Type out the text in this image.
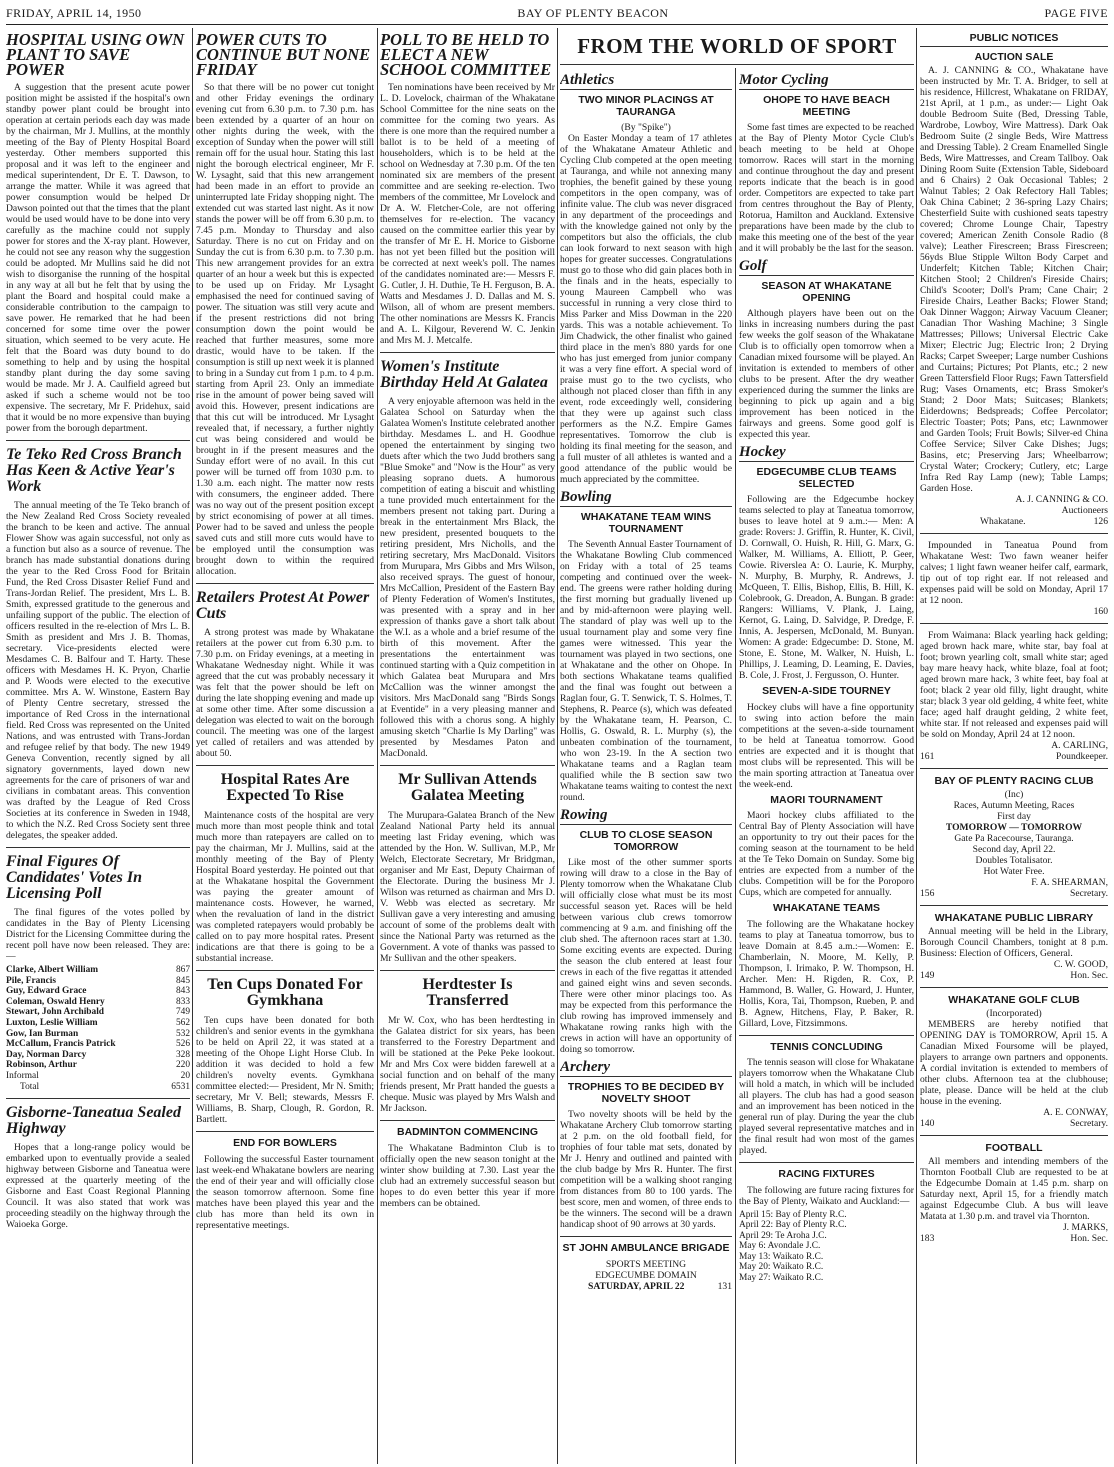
FRIDAY, APRIL 14, 1950	BAY OF PLENTY BEACON	PAGE FIVE
HOSPITAL USING OWN PLANT TO SAVE POWER

A suggestion that the present acute power position might be assisted if the hospital's own standby power plant could be brought into operation at certain periods each day was made by the chairman, Mr J. Mullins, at the monthly meeting of the Bay of Plenty Hospital Board yesterday. Other members supported this proposal and it was left to the engineer and medical superintendent, Dr E. T. Dawson, to arrange the matter. While it was agreed that power consumption would be helped Dr Dawson pointed out that the times that the plant would be used would have to be done into very carefully as the machine could not supply power for stores and the X-ray plant. However, he could not see any reason why the suggestion could be adopted. Mr Mullins said he did not wish to disorganise the running of the hospital in any way at all but he felt that by using the plant the Board and hospital could make a considerable contribution to the campaign to save power. He remarked that he had been concerned for some time over the power situation, which seemed to be very acute. He felt that the Board was duty bound to do something to help and by using the hospital standby plant during the day some saving would be made. Mr J. A. Caulfield agreed but asked if such a scheme would not be too expensive. The secretary, Mr F. Pridehux, said that it would be no more expensive than buying power from the borough department.

Te Teko Red Cross Branch Has Keen & Active Year's Work

The annual meeting of the Te Teko branch of the New Zealand Red Cross Society revealed the branch to be keen and active. The annual Flower Show was again successful, not only as a function but also as a source of revenue. The branch has made substantial donations during the year to the Red Cross Food for Britain Fund, the Red Cross Disaster Relief Fund and Trans-Jordan Relief. The president, Mrs L. B. Smith, expressed gratitude to the generous and unfailing support of the public. The election of officers resulted in the re-election of Mrs L. B. Smith as president and Mrs J. B. Thomas, secretary. Vice-presidents elected were Mesdames C. B. Balfour and T. Harty. These officers with Mesdames H. K. Pryon, Charlie and P. Woods were elected to the executive committee. Mrs A. W. Winstone, Eastern Bay of Plenty Centre secretary, stressed the importance of Red Cross in the international field. Red Cross was represented on the United Nations, and was entrusted with Trans-Jordan and refugee relief by that body. The new 1949 Geneva Convention, recently signed by all signatory governments, layed down new agreements for the care of prisoners of war and civilians in combatant areas. This convention was drafted by the League of Red Cross Societies at its conference in Sweden in 1948, to which the N.Z. Red Cross Society sent three delegates, the speaker added.

Final Figures Of Candidates' Votes In Licensing Poll

The final figures of the votes polled by candidates in the Bay of Plenty Licensing District for the Licensing Committee during the recent poll have now been released. They are:—

Clarke, Albert William	867
Pile, Francis	845
Guy, Edward Grace	843
Coleman, Oswald Henry	833
Stewart, John Archibald	749
Luxton, Leslie William	562
Gow, Ian Burman	532
McCallum, Francis Patrick	526
Day, Norman Darcy	328
Robinson, Arthur	220
Informal	20
Total	6531
Gisborne-Taneatua Sealed Highway

Hopes that a long-range policy would be embarked upon to eventually provide a sealed highway between Gisborne and Taneatua were expressed at the quarterly meeting of the Gisborne and East Coast Regional Planning Council. It was also stated that work was proceeding steadily on the highway through the Waioeka Gorge.

POWER CUTS TO CONTINUE BUT NONE FRIDAY

So that there will be no power cut tonight and other Friday evenings the ordinary evening cut from 6.30 p.m. to 7.30 p.m. has been extended by a quarter of an hour on other nights during the week, with the exception of Sunday when the power will still remain off for the usual hour. Stating this last night the borough electrical engineer, Mr F. W. Lysaght, said that this new arrangement had been made in an effort to provide an uninterrupted late Friday shopping night. The extended cut was started last night. As it now stands the power will be off from 6.30 p.m. to 7.45 p.m. Monday to Thursday and also Saturday. There is no cut on Friday and on Sunday the cut is from 6.30 p.m. to 7.30 p.m. This new arrangement provides for an extra quarter of an hour a week but this is expected to be used up on Friday. Mr Lysaght emphasised the need for continued saving of power. The situation was still very acute and if the present restrictions did not bring consumption down the point would be reached that further measures, some more drastic, would have to be taken. If the consumption is still up next week it is planned to bring in a Sunday cut from 1 p.m. to 4 p.m. starting from April 23. Only an immediate rise in the amount of power being saved will avoid this. However, present indications are that this cut will be introduced. Mr Lysaght revealed that, if necessary, a further nightly cut was being considered and would be brought in if the present measures and the Sunday effort were of no avail. In this cut power will be turned off from 1030 p.m. to 1.30 a.m. each night. The matter now rests with consumers, the engineer added. There was no way out of the present position except by strict economising of power at all times. Power had to be saved and unless the people saved cuts and still more cuts would have to be employed until the consumption was brought down to within the required allocation.

Retailers Protest At Power Cuts

A strong protest was made by Whakatane retailers at the power cut from 6.30 p.m. to 7.30 p.m. on Friday evenings, at a meeting in Whakatane Wednesday night. While it was agreed that the cut was probably necessary it was felt that the power should be left on during the late shopping evening and made up at some other time. After some discussion a delegation was elected to wait on the borough council. The meeting was one of the largest yet called of retailers and was attended by about 50.

Hospital Rates Are Expected To Rise

Maintenance costs of the hospital are very much more than most people think and total much more than ratepayers are called on to pay the chairman, Mr J. Mullins, said at the monthly meeting of the Bay of Plenty Hospital Board yesterday. He pointed out that at the Whakatane hospital the Government was paying the greater amount of maintenance costs. However, he warned, when the revaluation of land in the district was completed ratepayers would probably be called on to pay more hospital rates. Present indications are that there is going to be a substantial increase.

Ten Cups Donated For Gymkhana

Ten cups have been donated for both children's and senior events in the gymkhana to be held on April 22, it was stated at a meeting of the Ohope Light Horse Club. In addition it was decided to hold a few children's novelty events. Gymkhana committee elected:— President, Mr N. Smith; secretary, Mr V. Bell; stewards, Messrs F. Williams, B. Sharp, Clough, R. Gordon, R. Bartlett.

END FOR BOWLERS

Following the successful Easter tournament last week-end Whakatane bowlers are nearing the end of their year and will officially close the season tomorrow afternoon. Some fine matches have been played this year and the club has more than held its own in representative meetings.

POLL TO BE HELD TO ELECT A NEW SCHOOL COMMITTEE

Ten nominations have been received by Mr L. D. Lovelock, chairman of the Whakatane School Committee for the nine seats on the committee for the coming two years. As there is one more than the required number a ballot is to be held of a meeting of householders, which is to be held at the school on Wednesday at 7.30 p.m. Of the ten nominated six are members of the present committee and are seeking re-election. Two members of the committee, Mr Lovelock and Dr A. W. Fletcher-Cole, are not offering themselves for re-election. The vacancy caused on the committee earlier this year by the transfer of Mr E. H. Morice to Gisborne has not yet been filled but the position will be corrected at next week's poll. The names of the candidates nominated are:— Messrs F. G. Cutler, J. H. Duthie, Te H. Ferguson, B. A. Watts and Mesdames J. D. Dallas and M. S. Wilson, all of whom are present members. The other nominations are Messrs K. Francis and A. L. Kilgour, Reverend W. C. Jenkin and Mrs M. J. Metcalfe.

Women's Institute Birthday Held At Galatea

A very enjoyable afternoon was held in the Galatea School on Saturday when the Galatea Women's Institute celebrated another birthday. Mesdames L. and H. Goodhue opened the entertainment by singing two duets after which the two Judd brothers sang "Blue Smoke" and "Now is the Hour" as very pleasing soprano duets. A humorous competition of eating a biscuit and whistling a tune provided much entertainment for the members present not taking part. During a break in the entertainment Mrs Black, the new president, presented bouquets to the retiring president, Mrs Nicholls, and the retiring secretary, Mrs MacDonald. Visitors from Murupara, Mrs Gibbs and Mrs Wilson, also received sprays. The guest of honour, Mrs McCallion, President of the Eastern Bay of Plenty Federation of Women's Institutes, was presented with a spray and in her expression of thanks gave a short talk about the W.I. as a whole and a brief resume of the birth of this movement. After the presentations the entertainment was continued starting with a Quiz competition in which Galatea beat Murupara and Mrs McCallion was the winner amongst the visitors. Mrs MacDonald sang "Birds Songs at Eventide" in a very pleasing manner and followed this with a chorus song. A highly amusing sketch "Charlie Is My Darling" was presented by Mesdames Paton and MacDonald.

Mr Sullivan Attends Galatea Meeting

The Murupara-Galatea Branch of the New Zealand National Party held its annual meeting last Friday evening, which was attended by the Hon. W. Sullivan, M.P., Mr Welch, Electorate Secretary, Mr Bridgman, organiser and Mr East, Deputy Chairman of the Electorate. During the business Mr J. Wilson was returned as chairman and Mrs D. V. Webb was elected as secretary. Mr Sullivan gave a very interesting and amusing account of some of the problems dealt with since the National Party was returned as the Government. A vote of thanks was passed to Mr Sullivan and the other speakers.

Herdtester Is Transferred

Mr W. Cox, who has been herdtesting in the Galatea district for six years, has been transferred to the Forestry Department and will be stationed at the Peke Peke lookout. Mr and Mrs Cox were bidden farewell at a social function and on behalf of the many friends present, Mr Pratt handed the guests a cheque. Music was played by Mrs Walsh and Mr Jackson.

BADMINTON COMMENCING

The Whakatane Badminton Club is to officially open the new season tonight at the winter show building at 7.30. Last year the club had an extremely successful season but hopes to do even better this year if more members can be obtained.

FROM THE WORLD OF SPORT
Athletics
TWO MINOR PLACINGS AT TAURANGA

(By "Spike")

On Easter Monday a team of 17 athletes of the Whakatane Amateur Athletic and Cycling Club competed at the open meeting at Tauranga, and while not annexing many trophies, the benefit gained by these young competitors in the open company, was of infinite value. The club was never disgraced in any department of the proceedings and with the knowledge gained not only by the competitors but also the officials, the club can look forward to next season with high hopes for greater successes. Congratulations must go to those who did gain places both in the finals and in the heats, especially to young Maureen Campbell who was successful in running a very close third to Miss Parker and Miss Dowman in the 220 yards. This was a notable achievement. To Jim Chadwick, the other finalist who gained third place in the men's 880 yards for one who has just emerged from junior company it was a very fine effort. A special word of praise must go to the two cyclists, who although not placed closer than fifth in any event, rode exceedingly well, considering that they were up against such class performers as the N.Z. Empire Games representatives. Tomorrow the club is holding its final meeting for the season, and a full muster of all athletes is wanted and a good attendance of the public would be much appreciated by the committee.

Bowling
WHAKATANE TEAM WINS TOURNAMENT

The Seventh Annual Easter Tournament of the Whakatane Bowling Club commenced on Friday with a total of 25 teams competing and continued over the week-end. The greens were rather holding during the first morning but gradually livened up and by mid-afternoon were playing well. The standard of play was well up to the usual tournament play and some very fine games were witnessed. This year the tournament was played in two sections, one at Whakatane and the other on Ohope. In both sections Whakatane teams qualified and the final was fought out between a Raglan four, G. T. Senwick, T. S. Holmes, T. Stephens, R. Pearce (s), which was defeated by the Whakatane team, H. Pearson, C. Hollis, G. Oswald, R. L. Murphy (s), the unbeaten combination of the tournament, who won 23-19. In the A section two Whakatane teams and a Raglan team qualified while the B section saw two Whakatane teams waiting to contest the next round.

Rowing
CLUB TO CLOSE SEASON TOMORROW

Like most of the other summer sports rowing will draw to a close in the Bay of Plenty tomorrow when the Whakatane Club will officially close what must be its most successful season yet. Races will be held between various club crews tomorrow commencing at 9 a.m. and finishing off the club shed. The afternoon races start at 1.30. Some exciting events are expected. During the season the club entered at least four crews in each of the five regattas it attended and gained eight wins and seven seconds. There were other minor placings too. As may be expected from this performance the club rowing has improved immensely and Whakatane rowing ranks high with the crews in action will have an opportunity of doing so tomorrow.

Archery
TROPHIES TO BE DECIDED BY NOVELTY SHOOT

Two novelty shoots will be held by the Whakatane Archery Club tomorrow starting at 2 p.m. on the old football field, for trophies of four table mat sets, donated by Mr J. Henry and outlined and painted with the club badge by Mrs R. Hunter. The first competition will be a walking shoot ranging from distances from 80 to 100 yards. The best score, men and women, of three ends to be the winners. The second will be a drawn handicap shoot of 90 arrows at 30 yards.

ST JOHN AMBULANCE BRIGADE

SPORTS MEETING

EDGECUMBE DOMAIN

SATURDAY, APRIL 22	131
Motor Cycling
OHOPE TO HAVE BEACH MEETING

Some fast times are expected to be reached at the Bay of Plenty Motor Cycle Club's beach meeting to be held at Ohope tomorrow. Races will start in the morning and continue throughout the day and present reports indicate that the beach is in good order. Competitors are expected to take part from centres throughout the Bay of Plenty, Rotorua, Hamilton and Auckland. Extensive preparations have been made by the club to make this meeting one of the best of the year and it will probably be the last for the season.

Golf
SEASON AT WHAKATANE OPENING

Although players have been out on the links in increasing numbers during the past few weeks the golf season of the Whakatane Club is to officially open tomorrow when a Canadian mixed foursome will be played. An invitation is extended to members of other clubs to be present. After the dry weather experienced during the summer the links are beginning to pick up again and a big improvement has been noticed in the fairways and greens. Some good golf is expected this year.

Hockey
EDGECUMBE CLUB TEAMS SELECTED

Following are the Edgecumbe hockey teams selected to play at Taneatua tomorrow, buses to leave hotel at 9 a.m.:— Men: A grade: Rovers: J. Griffin, R. Hunter, K. Civil, D. Cornwall, O. Huish, R. Hill, G. Marx, G. Walker, M. Williams, A. Elliott, P. Geer, Cowie. Riverslea A: O. Laurie, K. Murphy, N. Murphy, B. Murphy, R. Andrews, J. McQueen, T. Ellis, Bishop, Ellis, B. Hill, K. Colebrook, G. Dreadon, A. Bungan. B grade: Rangers: Williams, V. Plank, J. Laing, Kernot, G. Laing, D. Salvidge, P. Dredge, F. Innis, A. Jespersen, McDonald, M. Bunyan. Women: A grade: Edgecumbe: D. Stone, M. Stone, E. Stone, M. Walker, N. Huish, L. Phillips, J. Leaming, D. Leaming, E. Davies, B. Cole, J. Frost, J. Fergusson, O. Hunter.

SEVEN-A-SIDE TOURNEY

Hockey clubs will have a fine opportunity to swing into action before the main competitions at the seven-a-side tournament to be held at Taneatua tomorrow. Good entries are expected and it is thought that most clubs will be represented. This will be the main sporting attraction at Taneatua over the week-end.

MAORI TOURNAMENT

Maori hockey clubs affiliated to the Central Bay of Plenty Association will have an opportunity to try out their paces for the coming season at the tournament to be held at the Te Teko Domain on Sunday. Some big entries are expected from a number of the clubs. Competition will be for the Poroporo Cups, which are competed for annually.

WHAKATANE TEAMS

The following are the Whakatane hockey teams to play at Taneatua tomorrow, bus to leave Domain at 8.45 a.m.:—Women: E. Chamberlain, N. Moore, M. Kelly, P. Thompson, I. Irimako, P. W. Thompson, H. Archer. Men: H. Rigden, R. Cox, P. Hammond, B. Waller, G. Howard, J. Hunter, Hollis, Kora, Tai, Thompson, Rueben, P. and B. Agnew, Hitchens, Flay, P. Baker, R. Gillard, Love, Fitzsimmons.

TENNIS CONCLUDING

The tennis season will close for Whakatane players tomorrow when the Whakatane Club will hold a match, in which will be included all players. The club has had a good season and an improvement has been noticed in the general run of play. During the year the club played several representative matches and in the final result had won most of the games played.

RACING FIXTURES

The following are future racing fixtures for the Bay of Plenty, Waikato and Auckland:—

April 15: Bay of Plenty R.C.
April 22: Bay of Plenty R.C.
April 29: Te Aroha J.C.
May 6: Avondale J.C.
May 13: Waikato R.C.
May 20: Waikato R.C.
May 27: Waikato R.C.
PUBLIC NOTICES
AUCTION SALE

A. J. CANNING & CO., Whakatane have been instructed by Mr. T. A. Bridger, to sell at his residence, Hillcrest, Whakatane on FRIDAY, 21st April, at 1 p.m., as under:— Light Oak double Bedroom Suite (Bed, Dressing Table, Wardrobe, Lowboy, Wire Mattress). Dark Oak Bedroom Suite (2 single Beds, Wire Mattress and Dressing Table). 2 Cream Enamelled Single Beds, Wire Mattresses, and Cream Tallboy. Oak Dining Room Suite (Extension Table, Sideboard and 6 Chairs) 2 Oak Occasional Tables; 2 Walnut Tables; 2 Oak Refectory Hall Tables; Oak China Cabinet; 2 36-spring Lazy Chairs; Chesterfield Suite with cushioned seats tapestry covered; Chrome Lounge Chair, Tapestry covered; American Zenith Console Radio (8 valve); Leather Firescreen; Brass Firescreen; 56yds Blue Stipple Wilton Body Carpet and Underfelt; Kitchen Table; Kitchen Chair; Kitchen Stool; 2 Children's Fireside Chairs; Child's Scooter; Doll's Pram; Cane Chair; 2 Fireside Chairs, Leather Backs; Flower Stand; Oak Dinner Waggon; Airway Vacuum Cleaner; Canadian Thor Washing Machine; 3 Single Mattresses; Pillows; Universal Electric Cake Mixer; Electric Jug; Electric Iron; 2 Drying Racks; Carpet Sweeper; Large number Cushions and Curtains; Pictures; Pot Plants, etc.; 2 new Green Tattersfield Floor Rugs; Fawn Tattersfield Rug; Vases Ornaments, etc; Brass Smoker's Stand; 2 Door Mats; Suitcases; Blankets; Eiderdowns; Bedspreads; Coffee Percolator; Electric Toaster; Pots; Pans, etc; Lawnmower and Garden Tools; Fruit Bowls; Silver-ed China Coffee Service; Silver Cake Dishes; Jugs; Basins, etc; Preserving Jars; Wheelbarrow; Crystal Water; Crockery; Cutlery, etc; Large Infra Red Ray Lamp (new); Table Lamps; Garden Hose.

A. J. CANNING & CO.
Auctioneers
Whakatane.	126

Impounded in Taneatua Pound from Whakatane West: Two fawn weaner heifer calves; 1 light fawn weaner heifer calf, earmark, tip out of top right ear. If not released and expenses paid will be sold on Monday, April 17 at 12 noon.

160

From Waimana: Black yearling hack gelding; aged brown hack mare, white star, bay foal at foot; brown yearling colt, small white star; aged bay mare heavy hack, white blaze, foal at foot; aged brown mare hack, 3 white feet, bay foal at foot; black 2 year old filly, light draught, white star; black 3 year old gelding, 4 white feet, white face; aged half draught gelding, 2 white feet, white star. If not released and expenses paid will be sold on Monday, April 24 at 12 noon.

A. CARLING,
161	Poundkeeper.
BAY OF PLENTY RACING CLUB

(Inc)

Races, Autumn Meeting, Races

First day

TOMORROW — TOMORROW

Gate Pa Racecourse, Tauranga.

Second day, April 22.

Doubles Totalisator.

Hot Water Free.

F. A. SHEARMAN,
156	Secretary.
WHAKATANE PUBLIC LIBRARY

Annual meeting will be held in the Library, Borough Council Chambers, tonight at 8 p.m. Business: Election of Officers, General.

C. W. GOOD,
149	Hon. Sec.
WHAKATANE GOLF CLUB

(Incorporated)

MEMBERS are hereby notified that OPENING DAY is TOMORROW, April 15. A Canadian Mixed Foursome will be played, players to arrange own partners and opponents. A cordial invitation is extended to members of other clubs. Afternoon tea at the clubhouse; plate, please. Dance will be held at the club house in the evening.

A. E. CONWAY,
140	Secretary.
FOOTBALL

All members and intending members of the Thornton Football Club are requested to be at the Edgecumbe Domain at 1.45 p.m. sharp on Saturday next, April 15, for a friendly match against Edgecumbe Club. A bus will leave Matata at 1.30 p.m. and travel via Thornton.

J. MARKS,
183	Hon. Sec.
